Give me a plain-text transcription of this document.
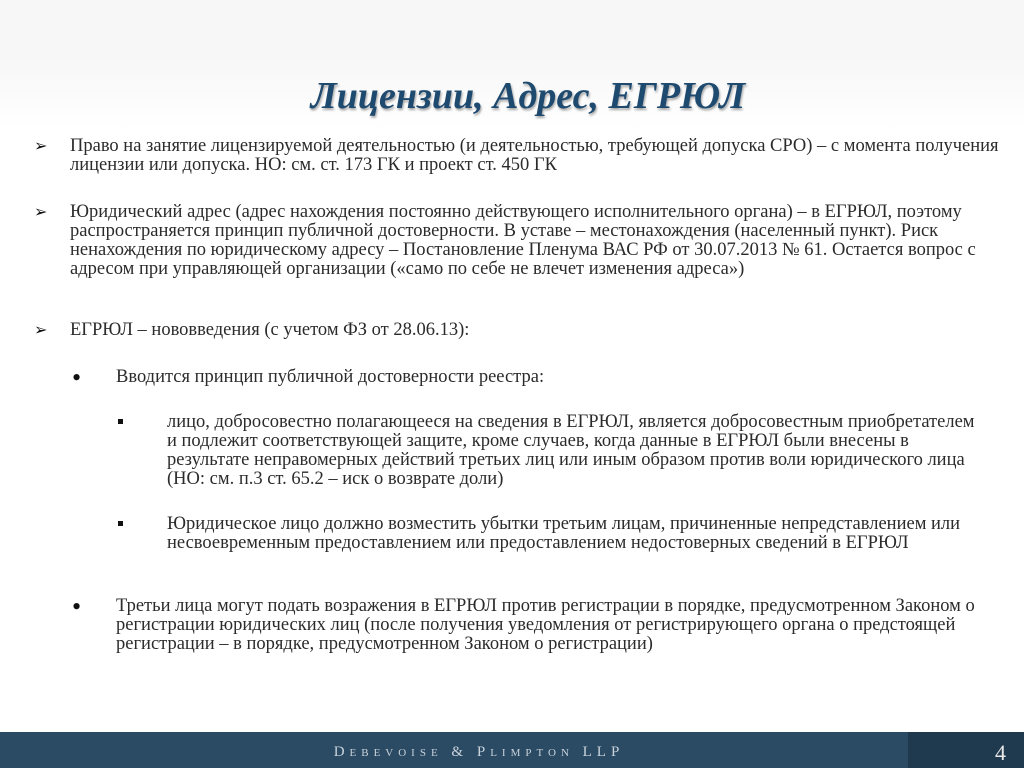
Лицензии, Адрес, ЕГРЮЛ
➢ Право на занятие лицензируемой деятельностью (и деятельностью, требующей допуска СРО) – с момента получения лицензии или допуска. НО: см. ст. 173 ГК и проект ст. 450 ГК

➢ Юридический адрес (адрес нахождения постоянно действующего исполнительного органа) – в ЕГРЮЛ, поэтому распространяется принцип публичной достоверности. В уставе – местонахождения (населенный пункт). Риск ненахождения по юридическому адресу – Постановление Пленума ВАС РФ от 30.07.2013 № 61. Остается вопрос с адресом при управляющей организации («само по себе не влечет изменения адреса»)

➢ ЕГРЮЛ – нововведения (с учетом ФЗ от 28.06.13):

• Вводится принцип публичной достоверности реестра:

лицо, добросовестно полагающееся на сведения в ЕГРЮЛ, является добросовестным приобретателем и подлежит соответствующей защите, кроме случаев, когда данные в ЕГРЮЛ были внесены в результате неправомерных действий третьих лиц или иным образом против воли юридического лица (НО: см. п.3 ст. 65.2 – иск о возврате доли)

Юридическое лицо должно возместить убытки третьим лицам, причиненные непредставлением или несвоевременным предоставлением или предоставлением недостоверных сведений в ЕГРЮЛ

• Третьи лица могут подать возражения в ЕГРЮЛ против регистрации в порядке, предусмотренном Законом о регистрации юридических лиц (после получения уведомления от регистрирующего органа о предстоящей регистрации – в порядке, предусмотренном Законом о регистрации)

Debevoise & Plimpton LLP	4
